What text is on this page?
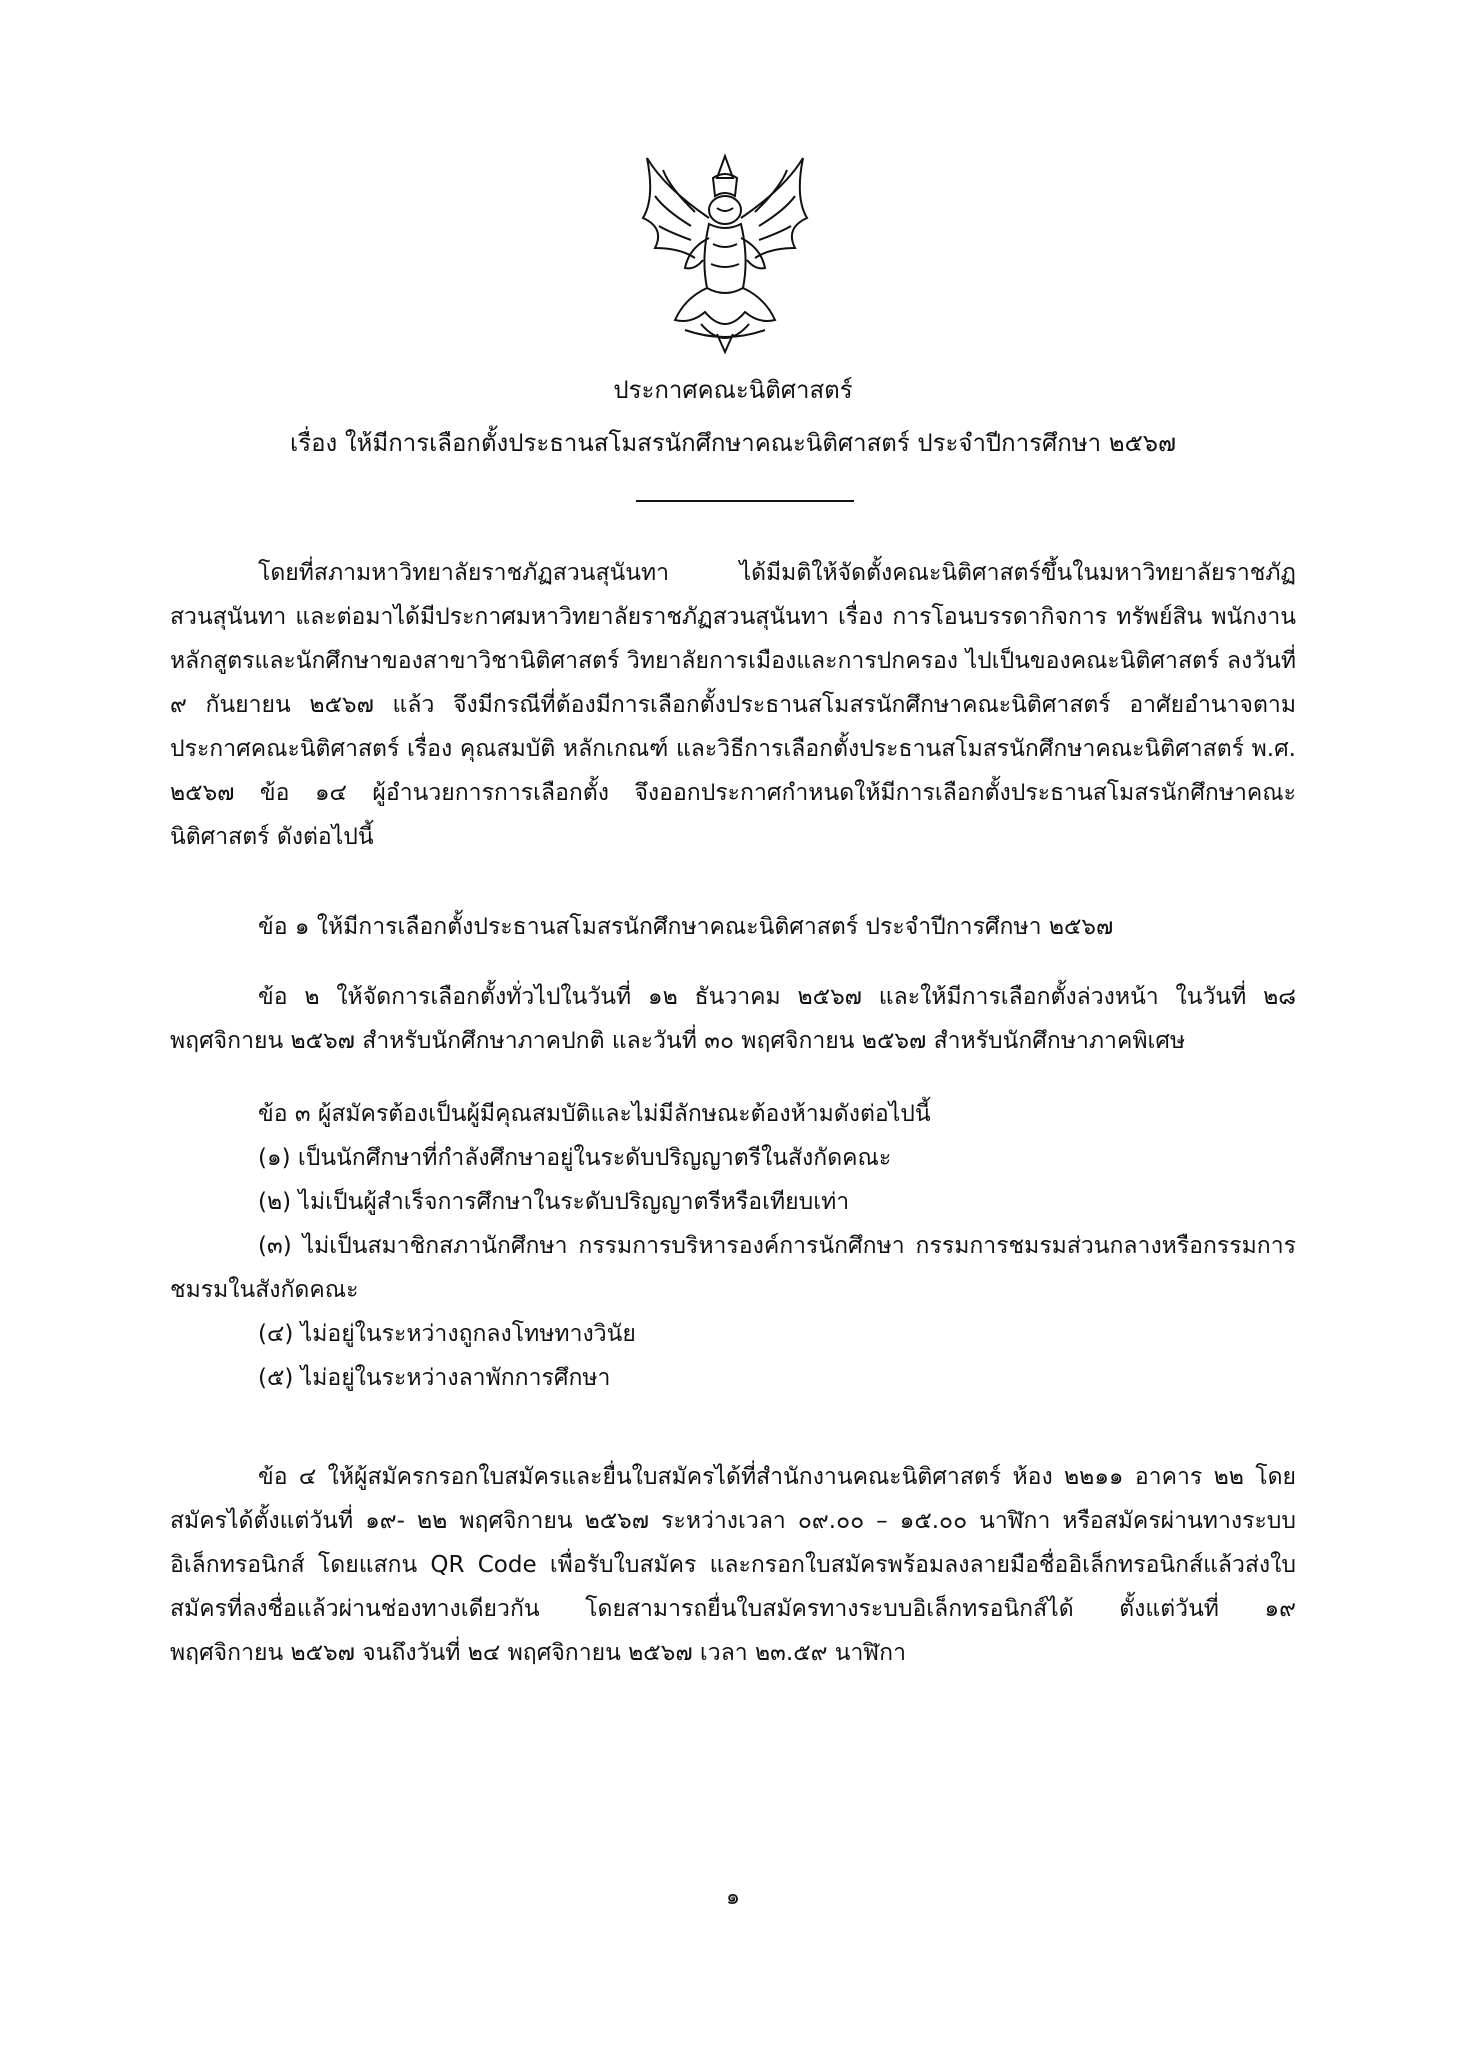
ประกาศคณะนิติศาสตร์
เรื่อง ให้มีการเลือกตั้งประธานสโมสรนักศึกษาคณะนิติศาสตร์ ประจำปีการศึกษา ๒๕๖๗

โดยที่สภามหาวิทยาลัยราชภัฏสวนสุนันทา ได้มีมติให้จัดตั้งคณะนิติศาสตร์ขึ้นในมหาวิทยาลัยราชภัฏสวนสุนันทา และต่อมาได้มีประกาศมหาวิทยาลัยราชภัฏสวนสุนันทา เรื่อง การโอนบรรดากิจการ ทรัพย์สิน พนักงาน หลักสูตรและนักศึกษาของสาขาวิชานิติศาสตร์ วิทยาลัยการเมืองและการปกครอง ไปเป็นของคณะนิติศาสตร์ ลงวันที่ ๙ กันยายน ๒๕๖๗ แล้ว จึงมีกรณีที่ต้องมีการเลือกตั้งประธานสโมสรนักศึกษาคณะนิติศาสตร์ อาศัยอำนาจตามประกาศคณะนิติศาสตร์ เรื่อง คุณสมบัติ หลักเกณฑ์ และวิธีการเลือกตั้งประธานสโมสรนักศึกษาคณะนิติศาสตร์ พ.ศ. ๒๕๖๗ ข้อ ๑๔ ผู้อำนวยการการเลือกตั้ง จึงออกประกาศกำหนดให้มีการเลือกตั้งประธานสโมสรนักศึกษาคณะนิติศาสตร์ ดังต่อไปนี้

ข้อ ๑ ให้มีการเลือกตั้งประธานสโมสรนักศึกษาคณะนิติศาสตร์ ประจำปีการศึกษา ๒๕๖๗

ข้อ ๒ ให้จัดการเลือกตั้งทั่วไปในวันที่ ๑๒ ธันวาคม ๒๕๖๗ และให้มีการเลือกตั้งล่วงหน้า ในวันที่ ๒๘ พฤศจิกายน ๒๕๖๗ สำหรับนักศึกษาภาคปกติ และวันที่ ๓๐ พฤศจิกายน ๒๕๖๗ สำหรับนักศึกษาภาคพิเศษ

ข้อ ๓ ผู้สมัครต้องเป็นผู้มีคุณสมบัติและไม่มีลักษณะต้องห้ามดังต่อไปนี้

(๑) เป็นนักศึกษาที่กำลังศึกษาอยู่ในระดับปริญญาตรีในสังกัดคณะ

(๒) ไม่เป็นผู้สำเร็จการศึกษาในระดับปริญญาตรีหรือเทียบเท่า

(๓) ไม่เป็นสมาชิกสภานักศึกษา กรรมการบริหารองค์การนักศึกษา กรรมการชมรมส่วนกลางหรือกรรมการชมรมในสังกัดคณะ

(๔) ไม่อยู่ในระหว่างถูกลงโทษทางวินัย

(๕) ไม่อยู่ในระหว่างลาพักการศึกษา

ข้อ ๔ ให้ผู้สมัครกรอกใบสมัครและยื่นใบสมัครได้ที่สำนักงานคณะนิติศาสตร์ ห้อง ๒๒๑๑ อาคาร ๒๒ โดยสมัครได้ตั้งแต่วันที่ ๑๙- ๒๒ พฤศจิกายน ๒๕๖๗ ระหว่างเวลา ๐๙.๐๐ – ๑๕.๐๐ นาฬิกา หรือสมัครผ่านทางระบบอิเล็กทรอนิกส์ โดยแสกน QR Code เพื่อรับใบสมัคร และกรอกใบสมัครพร้อมลงลายมือชื่ออิเล็กทรอนิกส์แล้วส่งใบสมัครที่ลงชื่อแล้วผ่านช่องทางเดียวกัน โดยสามารถยื่นใบสมัครทางระบบอิเล็กทรอนิกส์ได้ ตั้งแต่วันที่ ๑๙ พฤศจิกายน ๒๕๖๗ จนถึงวันที่ ๒๔ พฤศจิกายน ๒๕๖๗ เวลา ๒๓.๕๙ นาฬิกา

๑
